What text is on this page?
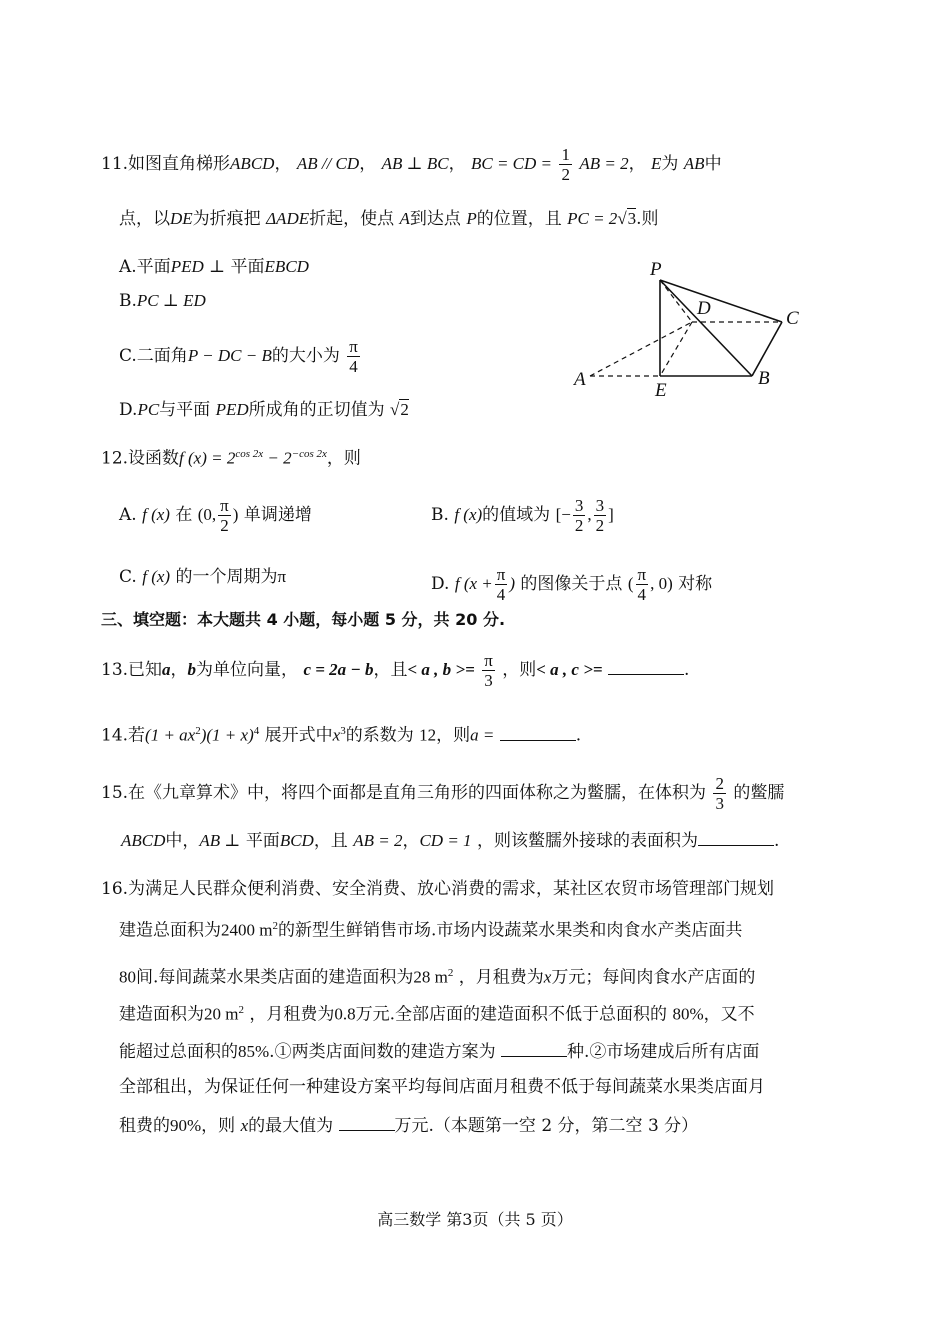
11.如图直角梯形ABCD， AB // CD， AB ⊥ BC， BC = CD = $\frac{1}{2}$ AB = 2， E为 AB中
点，以DE为折痕把 ΔADE折起，使点 A到达点 P的位置，且 PC = 2√3.则
A.平面PED ⊥ 平面EBCD
B.PC ⊥ ED
C.二面角P − DC − B的大小为 $\frac{\pi}{4}$
D.PC与平面 PED所成角的正切值为 √2
P
D	C
A
E
B
12.设函数f $(x) = 2^{cos 2x} - 2^{-cos 2x}$，则
A. f (x) 在 (0, $\frac{\pi}{2}$ ) 单调递增	B. f (x)的值域为 [− $\frac{3}{2}$ , $\frac{3}{2}$ ]
C. f (x) 的一个周期为π	D. f ($x + \frac{\pi}{4}$ ) 的图像关于点 ( $\frac{\pi}{4}$ , 0) 对称
三、填空题：本大题共 4 小题，每小题 5 分，共 20 分.
13.已知a，b为单位向量， c = 2a − b，且< a , $b >= \frac{\pi}{3}$ ，则< a , c >=	.
14.若$(1 + ax^2)(1 + x)^4$ 展开式中$x^3$的系数为 12，则a =	.
15.在《九章算术》中，将四个面都是直角三角形的四面体称之为鳖臑，在体积为 $\frac{2}{3}$ 的鳖臑
ABCD中，AB ⊥ 平面BCD，且 AB = 2，CD = 1 ，则该鳖臑外接球的表面积为	.
16.为满足人民群众便利消费、安全消费、放心消费的需求，某社区农贸市场管理部门规划
建造总面积为2400 $m^2$的新型生鲜销售市场.市场内设蔬菜水果类和肉食水产类店面共
80间.每间蔬菜水果类店面的建造面积为28 $m^2$ ，月租费为x万元；每间肉食水产店面的
建造面积为20 $m^2$ ，月租费为0.8万元.全部店面的建造面积不低于总面积的 80%，又不
能超过总面积的85%.①两类店面间数的建造方案为	种.②市场建成后所有店面
全部租出，为保证任何一种建设方案平均每间店面月租费不低于每间蔬菜水果类店面月
租费的90%，则 x的最大值为	万元.（本题第一空 2 分，第二空 3 分）
高三数学 第3页（共 5 页）
